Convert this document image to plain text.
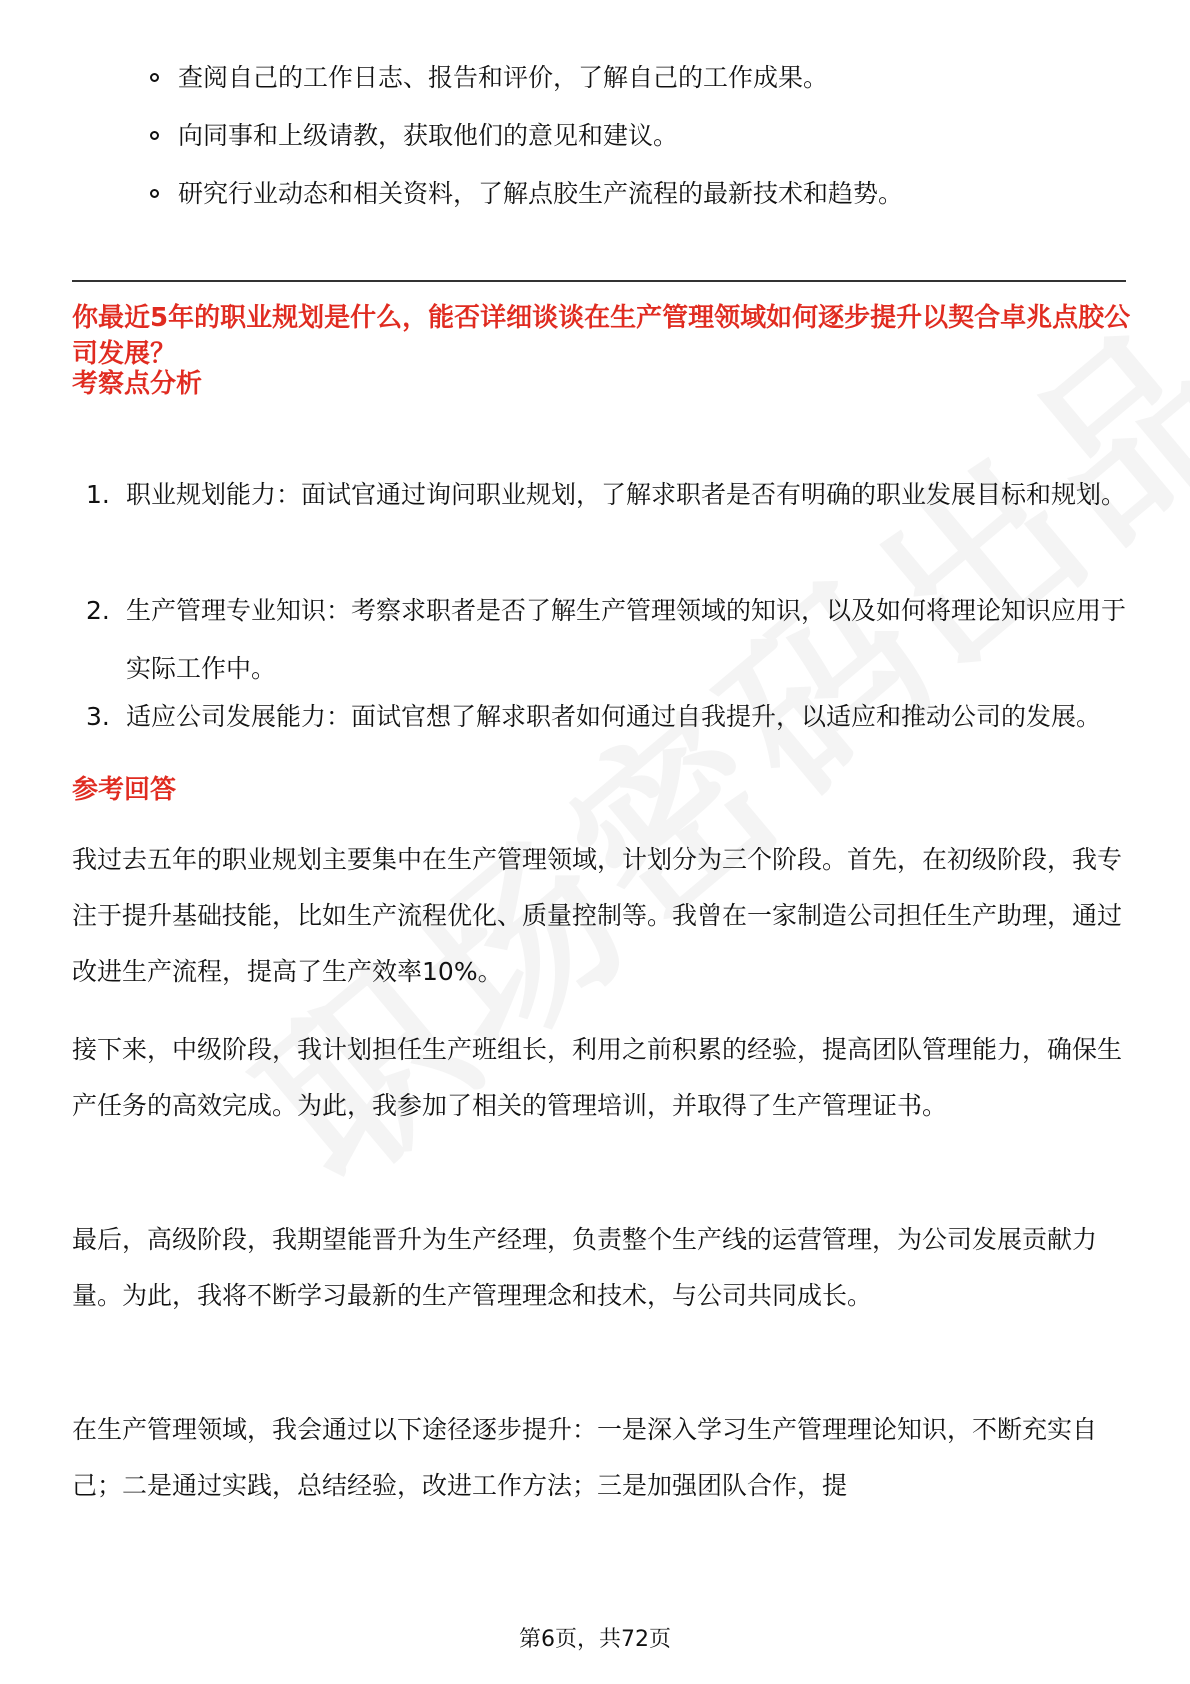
查阅自己的工作日志、报告和评价，了解自己的工作成果。
向同事和上级请教，获取他们的意见和建议。
研究行业动态和相关资料，了解点胶生产流程的最新技术和趋势。

你最近5年的职业规划是什么，能否详细谈谈在生产管理领域如何逐步提升以契合卓兆点胶公司发展？

考察点分析
1. 职业规划能力：面试官通过询问职业规划，了解求职者是否有明确的职业发展目标和规划。
2. 生产管理专业知识：考察求职者是否了解生产管理领域的知识，以及如何将理论知识应用于实际工作中。
3. 适应公司发展能力：面试官想了解求职者如何通过自我提升，以适应和推动公司的发展。
参考回答

我过去五年的职业规划主要集中在生产管理领域，计划分为三个阶段。首先，在初级阶段，我专注于提升基础技能，比如生产流程优化、质量控制等。我曾在一家制造公司担任生产助理，通过改进生产流程，提高了生产效率10%。

接下来，中级阶段，我计划担任生产班组长，利用之前积累的经验，提高团队管理能力，确保生产任务的高效完成。为此，我参加了相关的管理培训，并取得了生产管理证书。

最后，高级阶段，我期望能晋升为生产经理，负责整个生产线的运营管理，为公司发展贡献力量。为此，我将不断学习最新的生产管理理念和技术，与公司共同成长。

在生产管理领域，我会通过以下途径逐步提升：一是深入学习生产管理理论知识，不断充实自己；二是通过实践，总结经验，改进工作方法；三是加强团队合作，提

第6页，共72页
